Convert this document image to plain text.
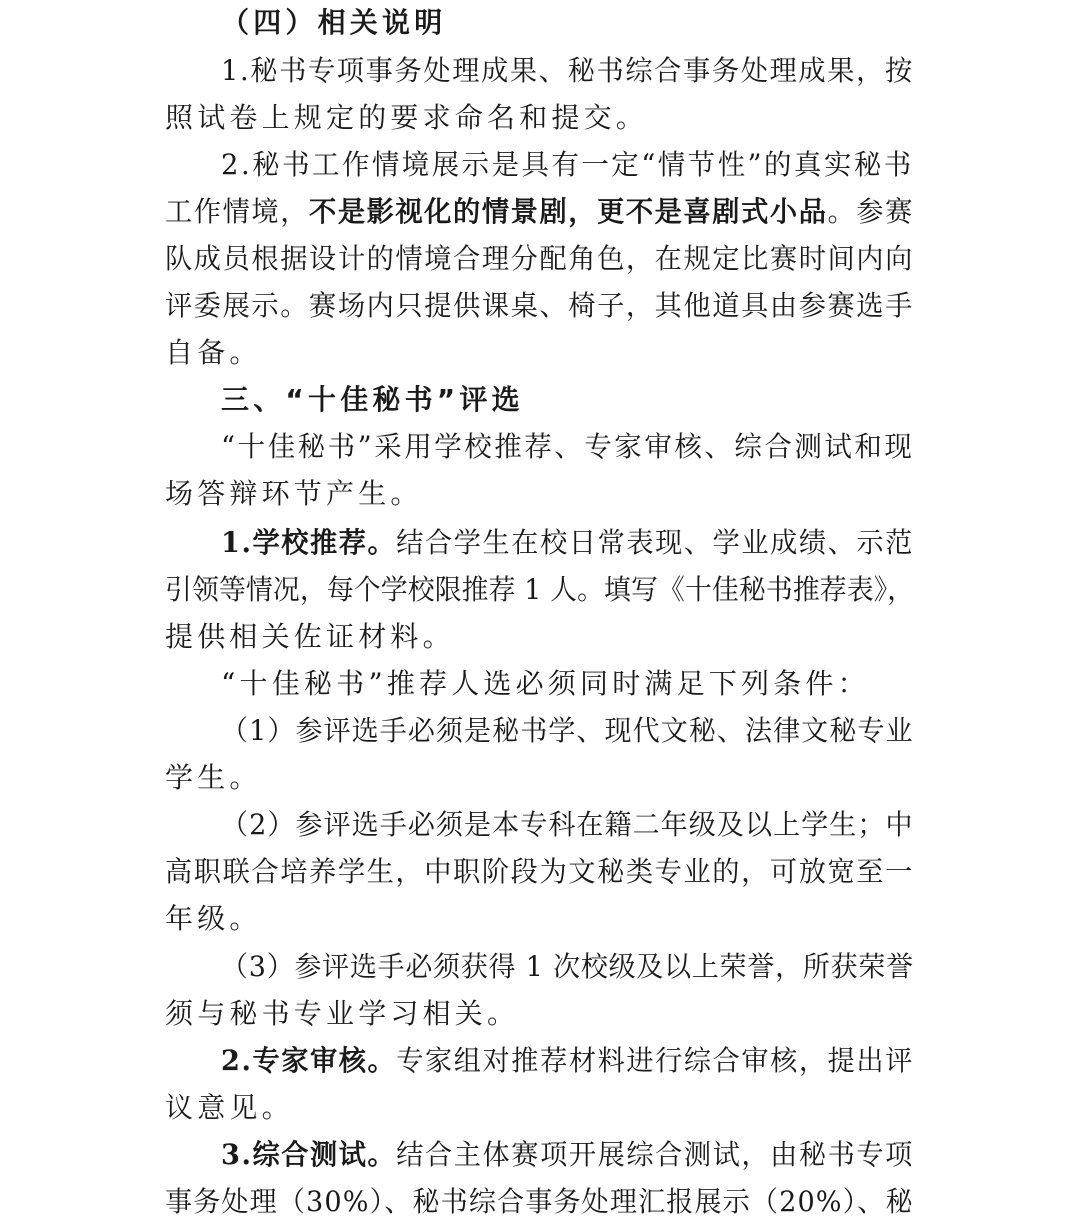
（四）相关说明
1.秘书专项事务处理成果、秘书综合事务处理成果，按
照试卷上规定的要求命名和提交。
2.秘书工作情境展示是具有一定“情节性”的真实秘书
工作情境，不是影视化的情景剧，更不是喜剧式小品。参赛
队成员根据设计的情境合理分配角色，在规定比赛时间内向
评委展示。赛场内只提供课桌、椅子，其他道具由参赛选手
自备。
三、“十佳秘书”评选
“十佳秘书”采用学校推荐、专家审核、综合测试和现
场答辩环节产生。
1.学校推荐。结合学生在校日常表现、学业成绩、示范
引领等情况，每个学校限推荐 1 人。填写《十佳秘书推荐表》，
提供相关佐证材料。
“十佳秘书”推荐人选必须同时满足下列条件：
（1）参评选手必须是秘书学、现代文秘、法律文秘专业
学生。
（2）参评选手必须是本专科在籍二年级及以上学生；中
高职联合培养学生，中职阶段为文秘类专业的，可放宽至一
年级。
（3）参评选手必须获得 1 次校级及以上荣誉，所获荣誉
须与秘书专业学习相关。
2.专家审核。专家组对推荐材料进行综合审核，提出评
议意见。
3.综合测试。结合主体赛项开展综合测试，由秘书专项
事务处理（30%）、秘书综合事务处理汇报展示（20%）、秘
